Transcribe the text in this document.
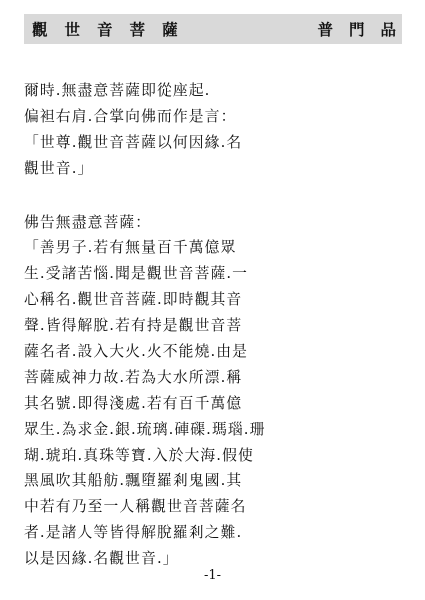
觀 世 音 菩 薩	普 門 品
爾時.無盡意菩薩即從座起.
偏袒右肩.合掌向佛而作是言：
「世尊.觀世音菩薩以何因緣.名
觀世音.」
佛告無盡意菩薩：
「善男子.若有無量百千萬億眾
生.受諸苦惱.聞是觀世音菩薩.一
心稱名.觀世音菩薩.即時觀其音
聲.皆得解脫.若有持是觀世音菩
薩名者.設入大火.火不能燒.由是
菩薩威神力故.若為大水所漂.稱
其名號.即得淺處.若有百千萬億
眾生.為求金.銀.琉璃.硨磲.瑪瑙.珊
瑚.琥珀.真珠等寶.入於大海.假使
黑風吹其船舫.飄墮羅剎鬼國.其
中若有乃至一人稱觀世音菩薩名
者.是諸人等皆得解脫羅剎之難.
以是因緣.名觀世音.」
-1-
